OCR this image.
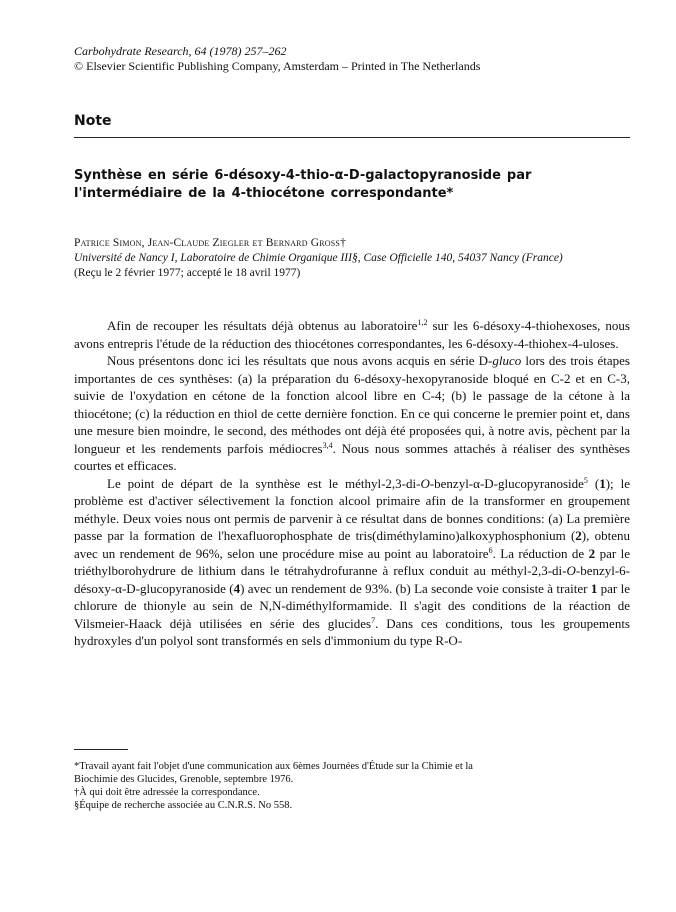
Carbohydrate Research, 64 (1978) 257–262
© Elsevier Scientific Publishing Company, Amsterdam – Printed in The Netherlands
Note
Synthèse en série 6-désoxy-4-thio-α-D-galactopyranoside par l'intermédiaire de la 4-thiocétone correspondante*
Patrice Simon, Jean-Claude Ziegler et Bernard Gross†
Université de Nancy I, Laboratoire de Chimie Organique III§, Case Officielle 140, 54037 Nancy (France)
(Reçu le 2 février 1977; accepté le 18 avril 1977)

Afin de recouper les résultats déjà obtenus au laboratoire$^{1,2}$ sur les 6-désoxy-4-thiohexoses, nous avons entrepris l'étude de la réduction des thiocétones correspondantes, les 6-désoxy-4-thiohex-4-uloses.

Nous présentons donc ici les résultats que nous avons acquis en série D-gluco lors des trois étapes importantes de ces synthèses: (a) la préparation du 6-désoxy-hexopyranoside bloqué en C-2 et en C-3, suivie de l'oxydation en cétone de la fonction alcool libre en C-4; (b) le passage de la cétone à la thiocétone; (c) la réduction en thiol de cette dernière fonction. En ce qui concerne le premier point et, dans une mesure bien moindre, le second, des méthodes ont déjà été proposées qui, à notre avis, pèchent par la longueur et les rendements parfois médiocres$^{3,4}$. Nous nous sommes attachés à réaliser des synthèses courtes et efficaces.

Le point de départ de la synthèse est le méthyl-2,3-di-O-benzyl-α-D-glucopyranoside$^5$ (1); le problème est d'activer sélectivement la fonction alcool primaire afin de la transformer en groupement méthyle. Deux voies nous ont permis de parvenir à ce résultat dans de bonnes conditions: (a) La première passe par la formation de l'hexafluorophosphate de tris(diméthylamino)alkoxyphosphonium (2), obtenu avec un rendement de 96%, selon une procédure mise au point au laboratoire$^6$. La réduction de 2 par le triéthylborohydrure de lithium dans le tétrahydrofuranne à reflux conduit au méthyl-2,3-di-O-benzyl-6-désoxy-α-D-glucopyranoside (4) avec un rendement de 93%. (b) La seconde voie consiste à traiter 1 par le chlorure de thionyle au sein de N,N-diméthylformamide. Il s'agit des conditions de la réaction de Vilsmeier-Haack déjà utilisées en série des glucides$^7$. Dans ces conditions, tous les groupements hydroxyles d'un polyol sont transformés en sels d'immonium du type R-O-

*Travail ayant fait l'objet d'une communication aux 6èmes Journées d'Étude sur la Chimie et la
Biochimie des Glucides, Grenoble, septembre 1976.
†À qui doit être adressée la correspondance.
§Équipe de recherche associée au C.N.R.S. No 558.
